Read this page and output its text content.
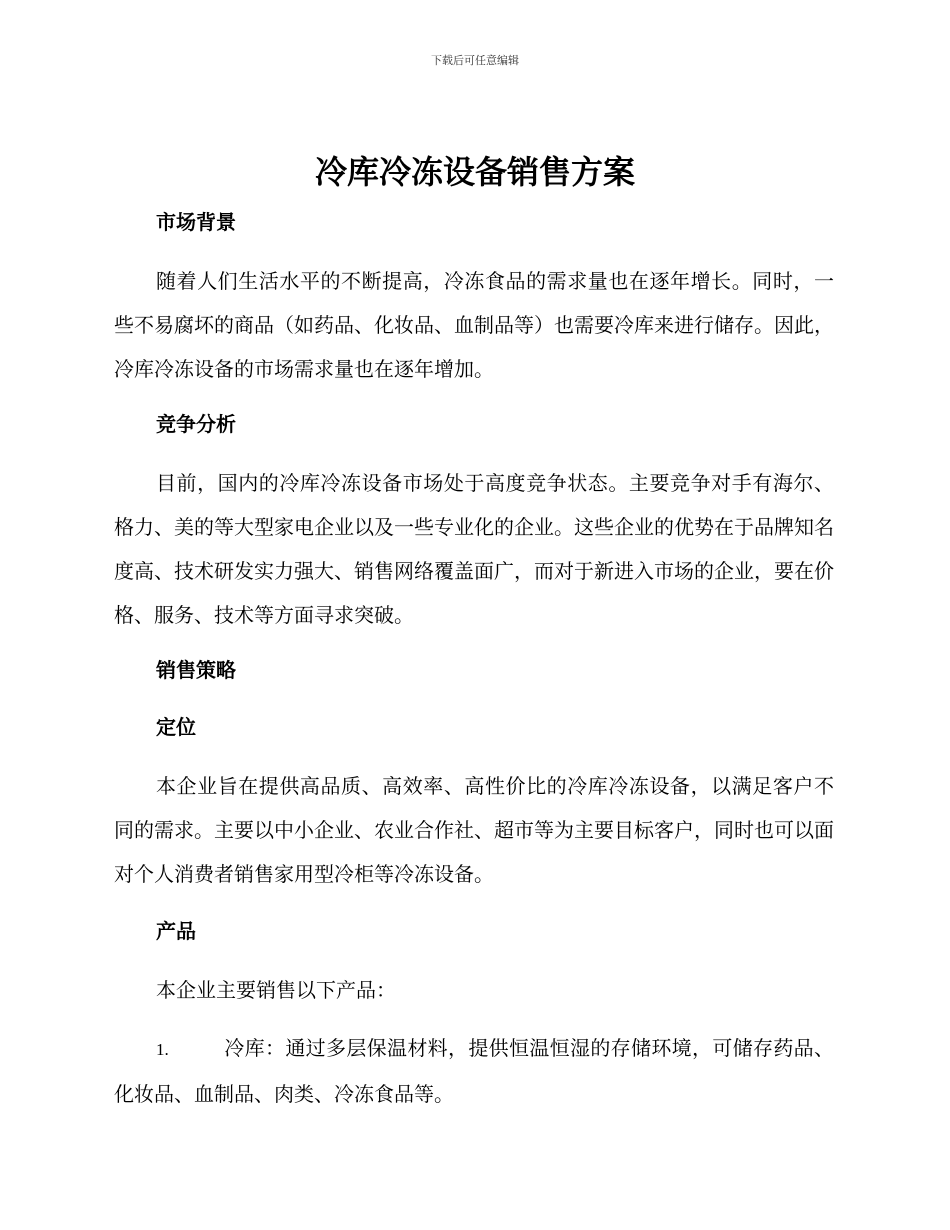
下载后可任意编辑
冷库冷冻设备销售方案

市场背景

随着人们生活水平的不断提高，冷冻食品的需求量也在逐年增长。同时，一些不易腐坏的商品（如药品、化妆品、血制品等）也需要冷库来进行储存。因此，冷库冷冻设备的市场需求量也在逐年增加。

竞争分析

目前，国内的冷库冷冻设备市场处于高度竞争状态。主要竞争对手有海尔、格力、美的等大型家电企业以及一些专业化的企业。这些企业的优势在于品牌知名度高、技术研发实力强大、销售网络覆盖面广，而对于新进入市场的企业，要在价格、服务、技术等方面寻求突破。

销售策略

定位

本企业旨在提供高品质、高效率、高性价比的冷库冷冻设备，以满足客户不同的需求。主要以中小企业、农业合作社、超市等为主要目标客户，同时也可以面对个人消费者销售家用型冷柜等冷冻设备。

产品

本企业主要销售以下产品：

1.	冷库：通过多层保温材料，提供恒温恒湿的存储环境，可储存药品、化妆品、血制品、肉类、冷冻食品等。
